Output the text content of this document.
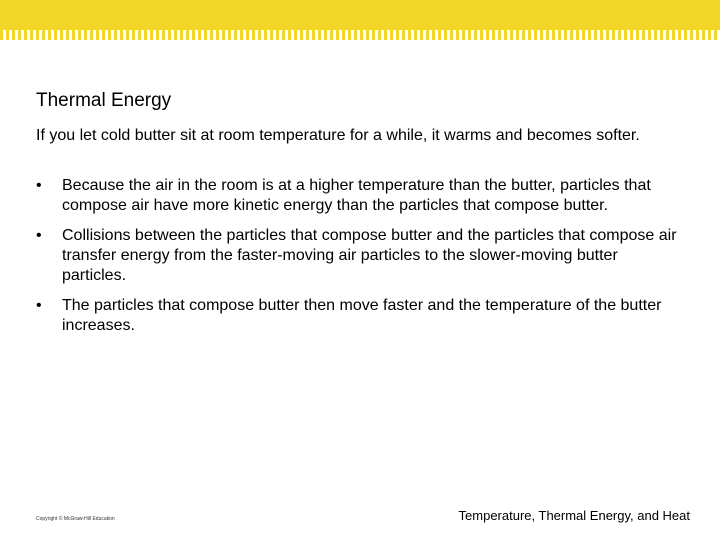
Thermal Energy

If you let cold butter sit at room temperature for a while, it warms and becomes softer.

•	Because the air in the room is at a higher temperature than the butter, particles that compose air have more kinetic energy than the particles that compose butter.
•	Collisions between the particles that compose butter and the particles that compose air transfer energy from the faster-moving air particles to the slower-moving butter particles.
•	The particles that compose butter then move faster and the temperature of the butter increases.
Copyright © McGraw-Hill Education	Temperature, Thermal Energy, and Heat
